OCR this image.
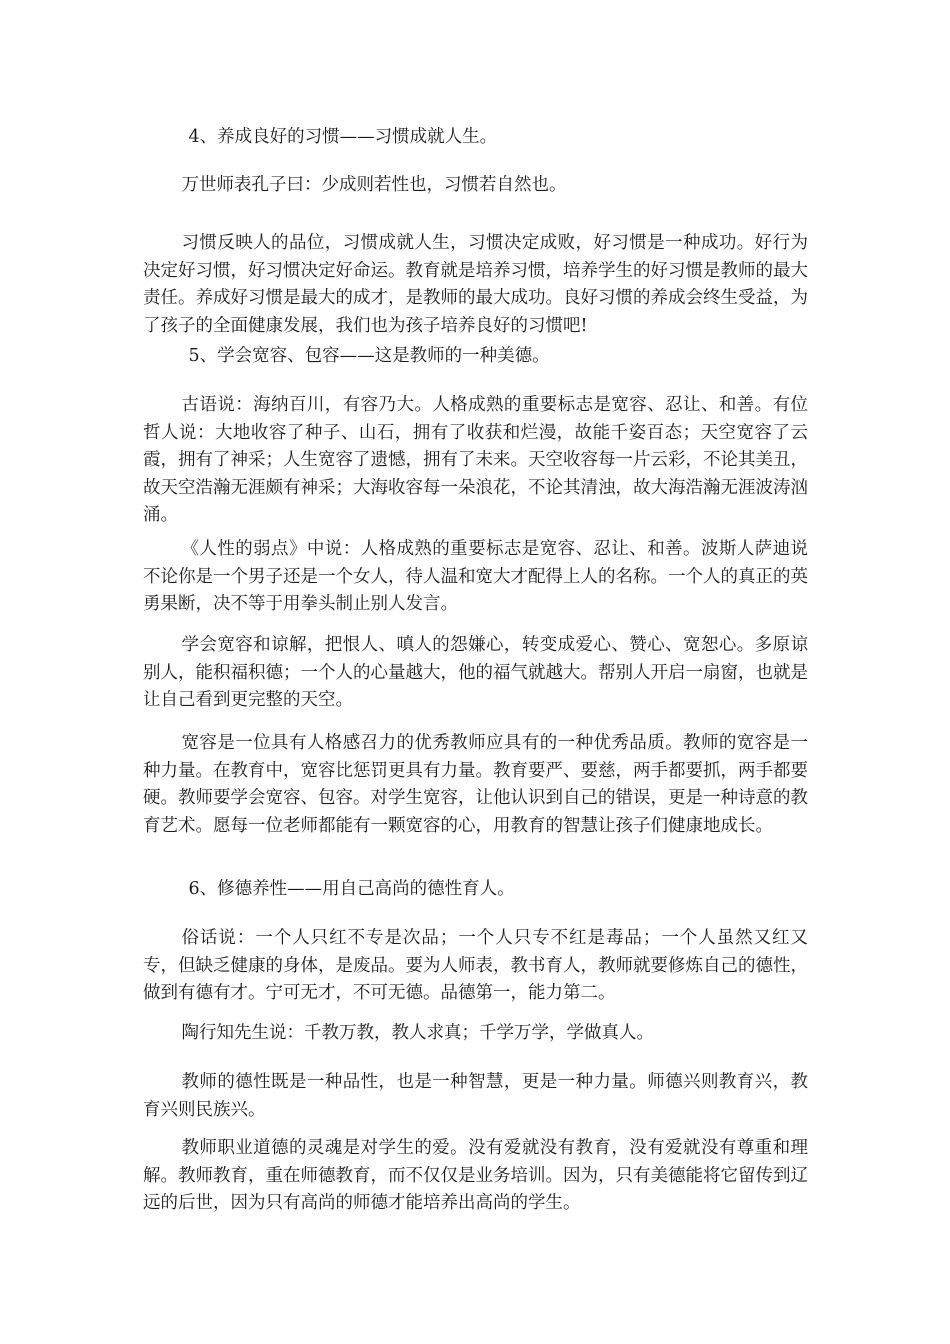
4、养成良好的习惯——习惯成就人生。

万世师表孔子曰：少成则若性也，习惯若自然也。

习惯反映人的品位，习惯成就人生，习惯决定成败，好习惯是一种成功。好行为决定好习惯，好习惯决定好命运。教育就是培养习惯，培养学生的好习惯是教师的最大责任。养成好习惯是最大的成才，是教师的最大成功。良好习惯的养成会终生受益，为了孩子的全面健康发展，我们也为孩子培养良好的习惯吧!

5、学会宽容、包容——这是教师的一种美德。

古语说：海纳百川，有容乃大。人格成熟的重要标志是宽容、忍让、和善。有位哲人说：大地收容了种子、山石，拥有了收获和烂漫，故能千姿百态；天空宽容了云霞，拥有了神采；人生宽容了遗憾，拥有了未来。天空收容每一片云彩，不论其美丑，故天空浩瀚无涯颇有神采；大海收容每一朵浪花，不论其清浊，故大海浩瀚无涯波涛汹涌。

《人性的弱点》中说：人格成熟的重要标志是宽容、忍让、和善。波斯人萨迪说不论你是一个男子还是一个女人，待人温和宽大才配得上人的名称。一个人的真正的英勇果断，决不等于用拳头制止别人发言。

学会宽容和谅解，把恨人、嗔人的怨嫌心，转变成爱心、赞心、宽恕心。多原谅别人，能积福积德；一个人的心量越大，他的福气就越大。帮别人开启一扇窗，也就是让自己看到更完整的天空。

宽容是一位具有人格感召力的优秀教师应具有的一种优秀品质。教师的宽容是一种力量。在教育中，宽容比惩罚更具有力量。教育要严、要慈，两手都要抓，两手都要硬。教师要学会宽容、包容。对学生宽容，让他认识到自己的错误，更是一种诗意的教育艺术。愿每一位老师都能有一颗宽容的心，用教育的智慧让孩子们健康地成长。

6、修德养性——用自己高尚的德性育人。

俗话说：一个人只红不专是次品；一个人只专不红是毒品；一个人虽然又红又专，但缺乏健康的身体，是废品。要为人师表，教书育人，教师就要修炼自己的德性，做到有德有才。宁可无才，不可无德。品德第一，能力第二。

陶行知先生说：千教万教，教人求真；千学万学，学做真人。

教师的德性既是一种品性，也是一种智慧，更是一种力量。师德兴则教育兴，教育兴则民族兴。

教师职业道德的灵魂是对学生的爱。没有爱就没有教育，没有爱就没有尊重和理解。教师教育，重在师德教育，而不仅仅是业务培训。因为，只有美德能将它留传到辽远的后世，因为只有高尚的师德才能培养出高尚的学生。
